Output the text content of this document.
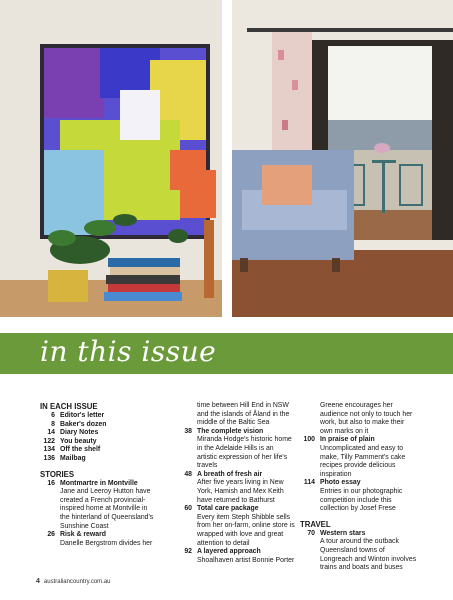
in this issue
IN EACH ISSUE
6 Editor's letter
8 Baker's dozen
14 Diary Notes
122 You beauty
134 Off the shelf
136 Mailbag
STORIES
16 Montmartre in Montville
Jane and Leeroy Hutton have created a French provincial-inspired home at Montville in the hinterland of Queensland's Sunshine Coast
26 Risk & reward
Danelle Bergstrom divides her
time between Hill End in NSW and the islands of Åland in the middle of the Baltic Sea
38 The complete vision
Miranda Hodge's historic home in the Adelaide Hills is an artistic expression of her life's travels
48 A breath of fresh air
After five years living in New York, Hamish and Mex Keith have returned to Bathurst
60 Total care package
Every item Steph Shibble sells from her on-farm, online store is wrapped with love and great attention to detail
92 A layered approach
Shoalhaven artist Bonnie Porter
Greene encourages her audience not only to touch her work, but also to make their own marks on it
100 In praise of plain
Uncomplicated and easy to make, Tilly Pamment's cake recipes provide delicious inspiration
114 Photo essay
Entries in our photographic competition include this collection by Josef Frese
TRAVEL
70 Western stars
A tour around the outback Queensland towns of Longreach and Winton involves trains and boats and buses
4 australiancountry.com.au
